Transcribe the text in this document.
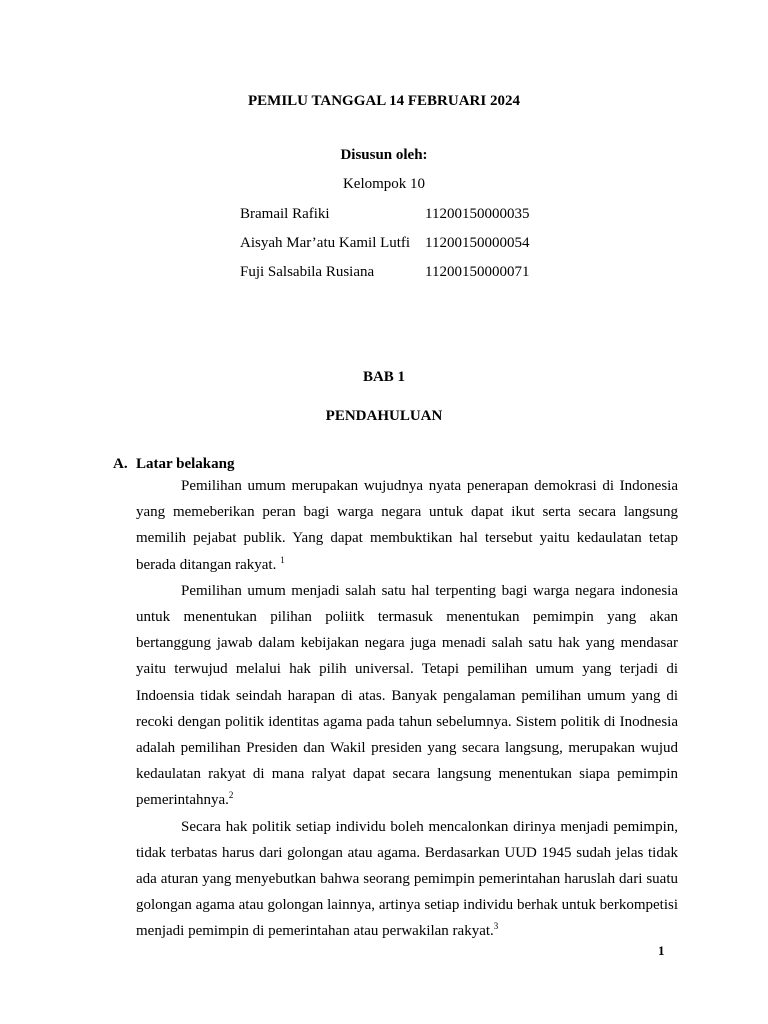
PEMILU TANGGAL 14 FEBRUARI 2024
Disusun oleh:
Kelompok 10
Bramail Rafiki	11200150000035
Aisyah Mar’atu Kamil Lutfi 11200150000054
Fuji Salsabila Rusiana	11200150000071
BAB 1
PENDAHULUAN
A. Latar belakang

Pemilihan umum merupakan wujudnya nyata penerapan demokrasi di Indonesia yang memeberikan peran bagi warga negara untuk dapat ikut serta secara langsung memilih pejabat publik. Yang dapat membuktikan hal tersebut yaitu kedaulatan tetap berada ditangan rakyat. $^1$

Pemilihan umum menjadi salah satu hal terpenting bagi warga negara indonesia untuk menentukan pilihan poliitk termasuk menentukan pemimpin yang akan bertanggung jawab dalam kebijakan negara juga menadi salah satu hak yang mendasar yaitu terwujud melalui hak pilih universal. Tetapi pemilihan umum yang terjadi di Indoensia tidak seindah harapan di atas. Banyak pengalaman pemilihan umum yang di recoki dengan politik identitas agama pada tahun sebelumnya. Sistem politik di Inodnesia adalah pemilihan Presiden dan Wakil presiden yang secara langsung, merupakan wujud kedaulatan rakyat di mana ralyat dapat secara langsung menentukan siapa pemimpin pemerintahnya.$^2$

Secara hak politik setiap individu boleh mencalonkan dirinya menjadi pemimpin, tidak terbatas harus dari golongan atau agama. Berdasarkan UUD 1945 sudah jelas tidak ada aturan yang menyebutkan bahwa seorang pemimpin pemerintahan haruslah dari suatu golongan agama atau golongan lainnya, artinya setiap individu berhak untuk berkompetisi menjadi pemimpin di pemerintahan atau perwakilan rakyat.$^3$

1
